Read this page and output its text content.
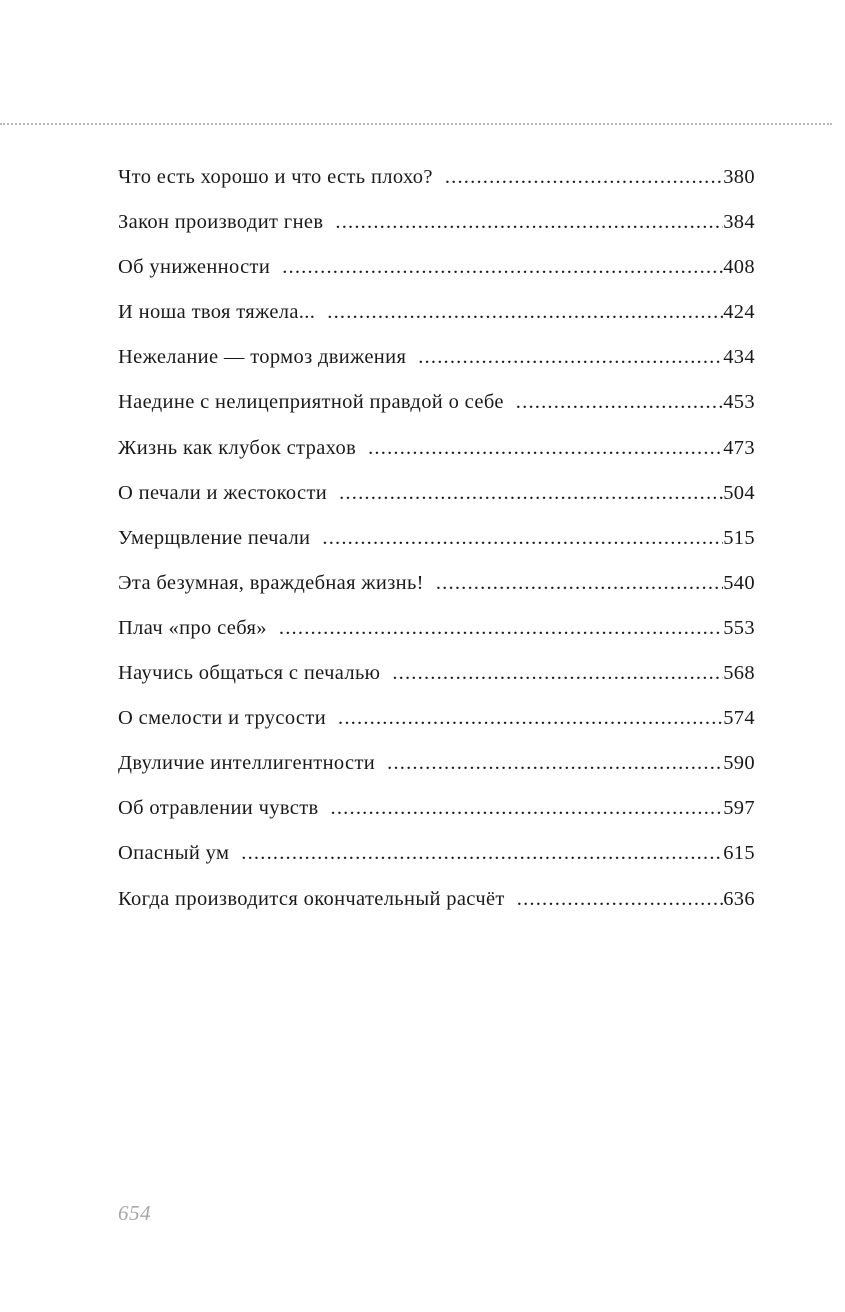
Что есть хорошо и что есть плохо? .....	380
Закон производит гнев .....	384
Об униженности .....	408
И ноша твоя тяжела... .....	424
Нежелание — тормоз движения .....	434
Наедине с нелицеприятной правдой о себе .....	453
Жизнь как клубок страхов .....	473
О печали и жестокости .....	504
Умерщвление печали .....	515
Эта безумная, враждебная жизнь! .....	540
Плач «про себя» .....	553
Научись общаться с печалью .....	568
О смелости и трусости .....	574
Двуличие интеллигентности .....	590
Об отравлении чувств .....	597
Опасный ум .....	615
Когда производится окончательный расчёт .....	636
654
